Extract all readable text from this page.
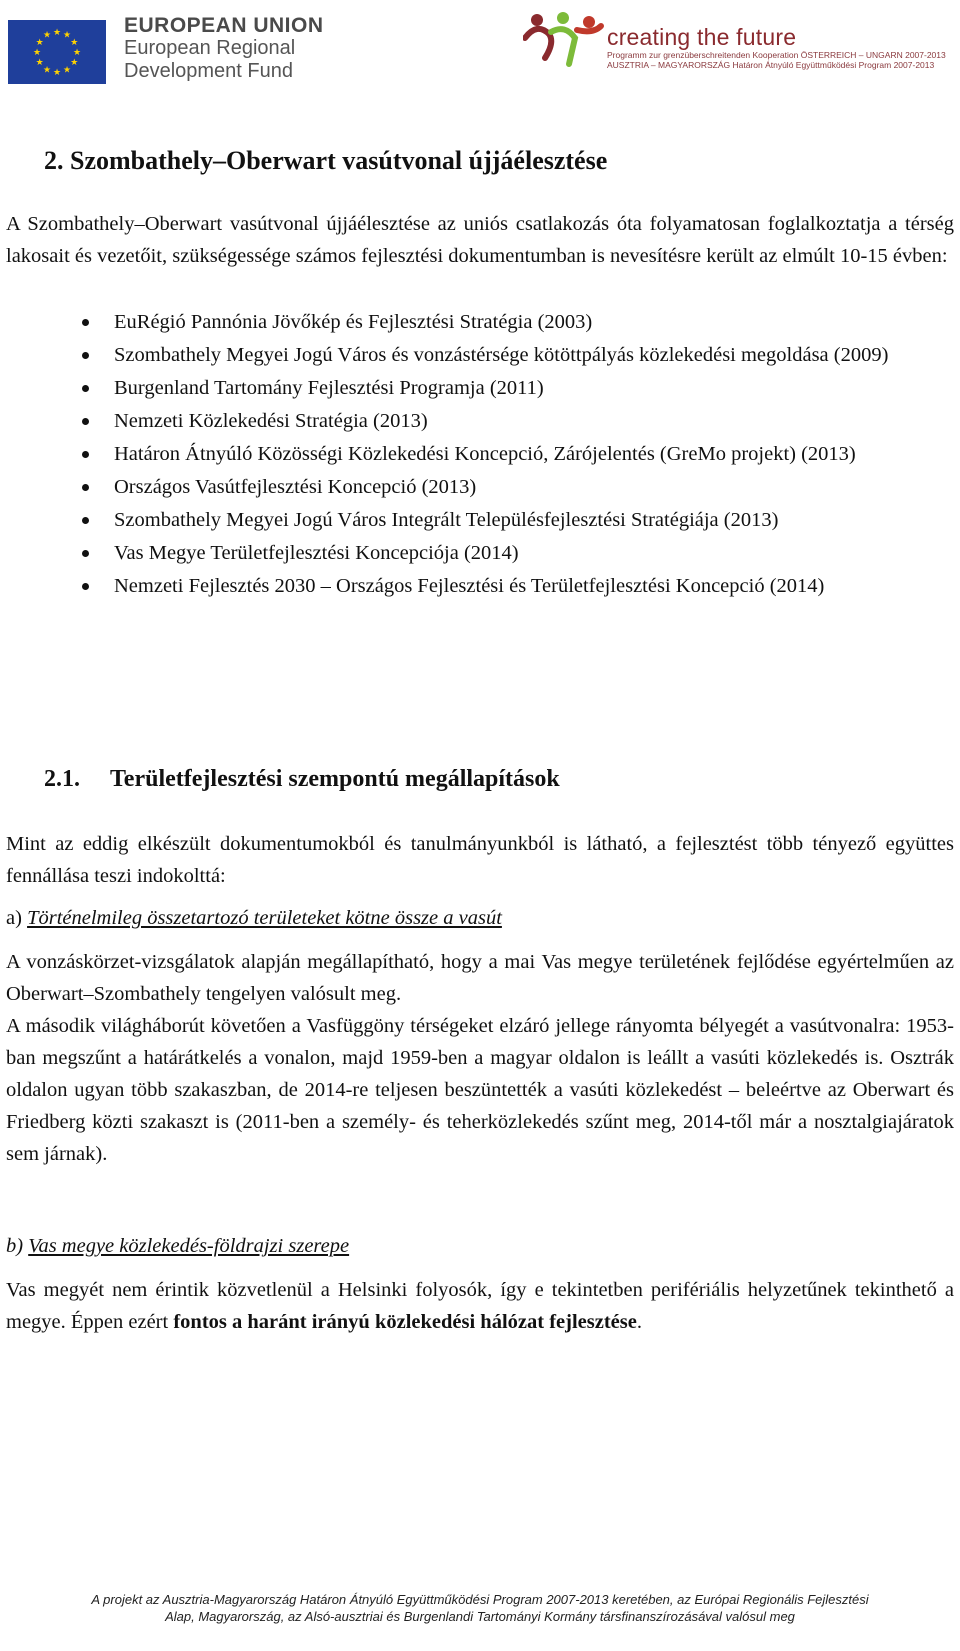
★ ★
★
★
★
★
★
★
★
★
★
★	EUROPEAN UNION
European Regional
Development Fund
creating the future
Programm zur grenzüberschreitenden Kooperation ÖSTERREICH – UNGARN 2007-2013
AUSZTRIA – MAGYARORSZÁG Határon Átnyúló Együttműködési Program 2007-2013
2. Szombathely–Oberwart vasútvonal újjáélesztése

A Szombathely–Oberwart vasútvonal újjáélesztése az uniós csatlakozás óta folyamatosan foglalkoztatja a térség lakosait és vezetőit, szükségessége számos fejlesztési dokumentumban is nevesítésre került az elmúlt 10-15 évben:

EuRégió Pannónia Jövőkép és Fejlesztési Stratégia (2003)
Szombathely Megyei Jogú Város és vonzástérsége kötöttpályás közlekedési megoldása (2009)
Burgenland Tartomány Fejlesztési Programja (2011)
Nemzeti Közlekedési Stratégia (2013)
Határon Átnyúló Közösségi Közlekedési Koncepció, Zárójelentés (GreMo projekt) (2013)
Országos Vasútfejlesztési Koncepció (2013)
Szombathely Megyei Jogú Város Integrált Településfejlesztési Stratégiája (2013)
Vas Megye Területfejlesztési Koncepciója (2014)
Nemzeti Fejlesztés 2030 – Országos Fejlesztési és Területfejlesztési Koncepció (2014)
2.1. Területfejlesztési szempontú megállapítások

Mint az eddig elkészült dokumentumokból és tanulmányunkból is látható, a fejlesztést több tényező együttes fennállása teszi indokolttá:

a) Történelmileg összetartozó területeket kötne össze a vasút

A vonzáskörzet-vizsgálatok alapján megállapítható, hogy a mai Vas megye területének fejlődése egyértelműen az Oberwart–Szombathely tengelyen valósult meg.

A második világháborút követően a Vasfüggöny térségeket elzáró jellege rányomta bélyegét a vasútvonalra: 1953-ban megszűnt a határátkelés a vonalon, majd 1959-ben a magyar oldalon is leállt a vasúti közlekedés is. Osztrák oldalon ugyan több szakaszban, de 2014-re teljesen beszüntették a vasúti közlekedést – beleértve az Oberwart és Friedberg közti szakaszt is (2011-ben a személy- és teherközlekedés szűnt meg, 2014-től már a nosztalgiajáratok sem járnak).

b) Vas megye közlekedés-földrajzi szerepe

Vas megyét nem érintik közvetlenül a Helsinki folyosók, így e tekintetben perifériális helyzetűnek tekinthető a megye. Éppen ezért fontos a haránt irányú közlekedési hálózat fejlesztése.

A projekt az Ausztria-Magyarország Határon Átnyúló Együttműködési Program 2007-2013 keretében, az Európai Regionális Fejlesztési
Alap, Magyarország, az Alsó-ausztriai és Burgenlandi Tartományi Kormány társfinanszírozásával valósul meg
